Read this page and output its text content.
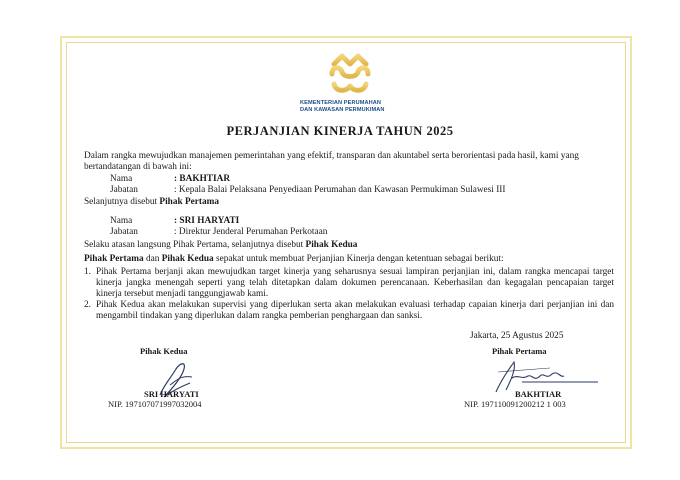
KEMENTERIAN PERUMAHAN
DAN KAWASAN PERMUKIMAN
PERJANJIAN KINERJA TAHUN 2025
Dalam rangka mewujudkan manajemen pemerintahan yang efektif, transparan dan akuntabel serta berorientasi pada hasil, kami yang bertandatangan di bawah ini:
Nama	: BAKHTIAR
Jabatan	: Kepala Balai Pelaksana Penyediaan Perumahan dan Kawasan Permukiman Sulawesi III
Selanjutnya disebut Pihak Pertama
Nama	: SRI HARYATI
Jabatan	: Direktur Jenderal Perumahan Perkotaan
Selaku atasan langsung Pihak Pertama, selanjutnya disebut Pihak Kedua
Pihak Pertama dan Pihak Kedua sepakat untuk membuat Perjanjian Kinerja dengan ketentuan sebagai berikut:
1. Pihak Pertama berjanji akan mewujudkan target kinerja yang seharusnya sesuai lampiran perjanjian ini, dalam rangka mencapai target kinerja jangka menengah seperti yang telah ditetapkan dalam dokumen perencanaan. Keberhasilan dan kegagalan pencapaian target kinerja tersebut menjadi tanggungjawab kami.
2. Pihak Kedua akan melakukan supervisi yang diperlukan serta akan melakukan evaluasi terhadap capaian kinerja dari perjanjian ini dan mengambil tindakan yang diperlukan dalam rangka pemberian penghargaan dan sanksi.
Jakarta, 25 Agustus 2025
Pihak Kedua
SRI HARYATI
NIP. 197107071997032004
Pihak Pertama
BAKHTIAR
NIP. 197110091200212 1 003
